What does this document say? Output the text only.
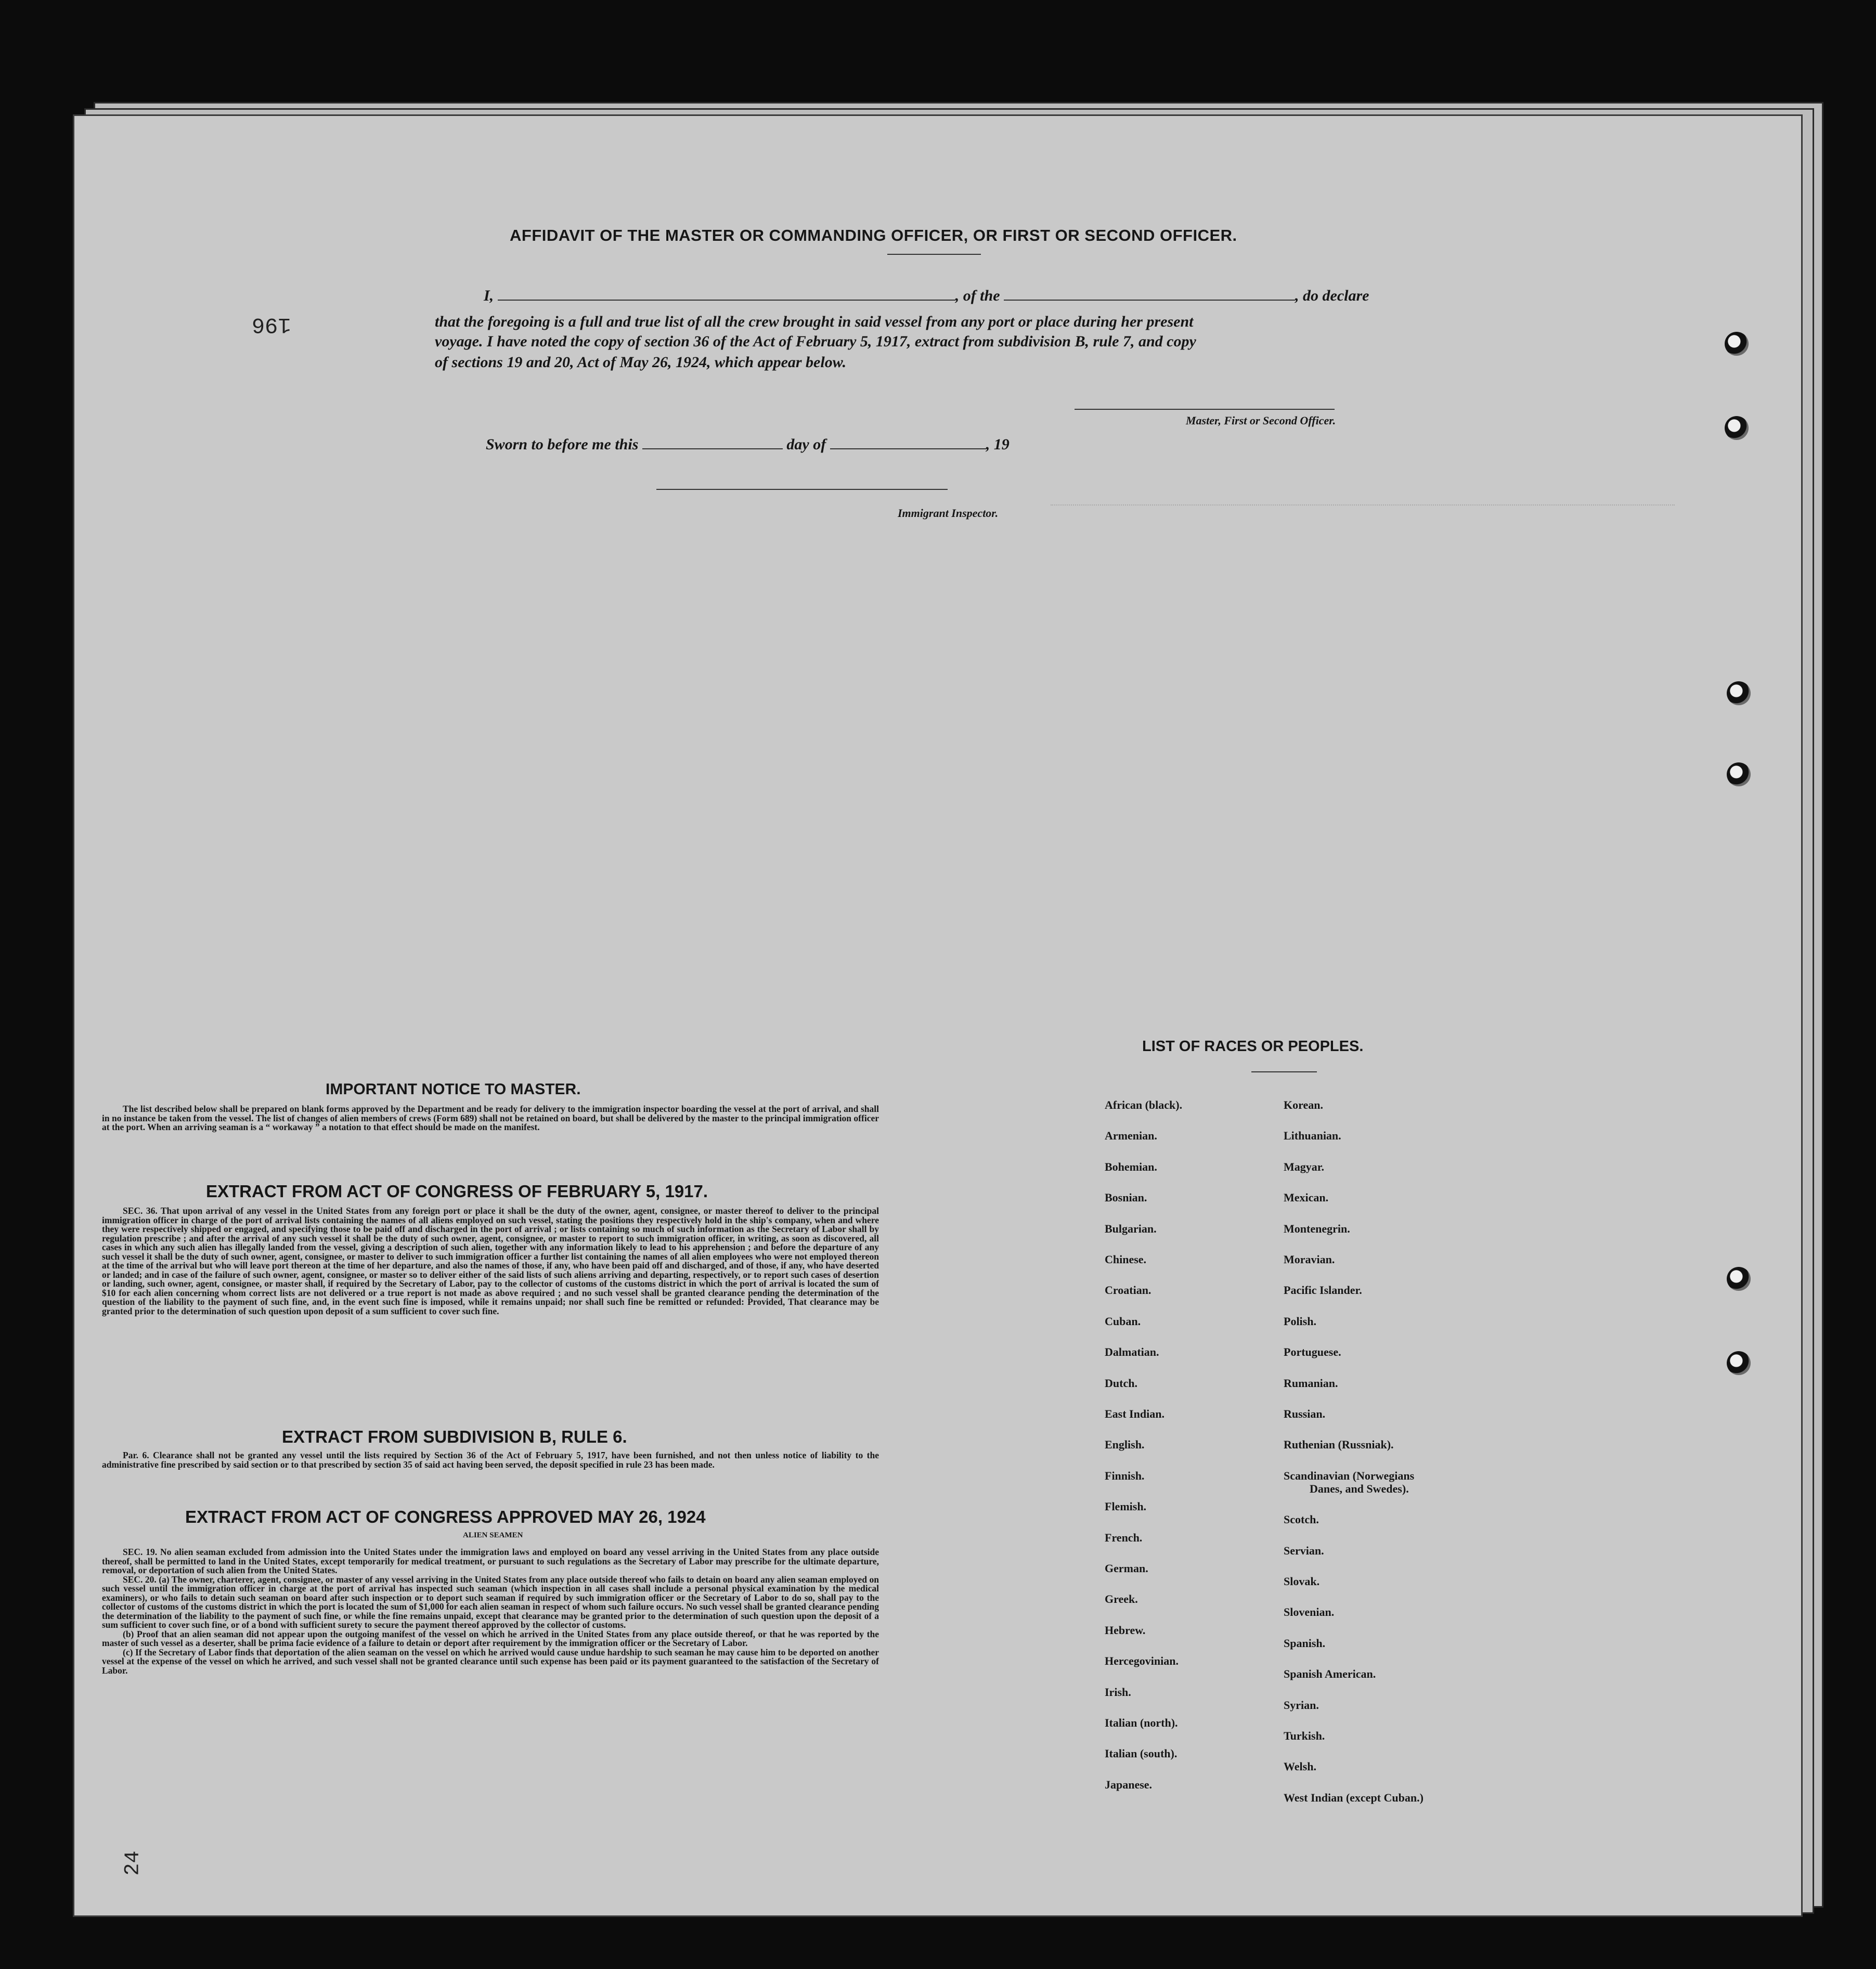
196
24
AFFIDAVIT OF THE MASTER OR COMMANDING OFFICER, OR FIRST OR SECOND OFFICER.
I,	, of the	, do declare
that the foregoing is a full and true list of all the crew brought in said vessel from any port or place during her present
voyage. I have noted the copy of section 36 of the Act of February 5, 1917, extract from subdivision B, rule 7, and copy
of sections 19 and 20, Act of May 26, 1924, which appear below.
Master, First or Second Officer.
Sworn to before me this	day of	, 19
Immigrant Inspector.
IMPORTANT NOTICE TO MASTER.

The list described below shall be prepared on blank forms approved by the Department and be ready for delivery to the immigration inspector boarding the vessel at the port of arrival, and shall in no instance be taken from the vessel. The list of changes of alien members of crews (Form 689) shall not be retained on board, but shall be delivered by the master to the principal immigration officer at the port. When an arriving seaman is a “ workaway ” a notation to that effect should be made on the manifest.

EXTRACT FROM ACT OF CONGRESS OF FEBRUARY 5, 1917.

SEC. 36. That upon arrival of any vessel in the United States from any foreign port or place it shall be the duty of the owner, agent, consignee, or master thereof to deliver to the principal immigration officer in charge of the port of arrival lists containing the names of all aliens employed on such vessel, stating the positions they respectively hold in the ship's company, when and where they were respectively shipped or engaged, and specifying those to be paid off and discharged in the port of arrival ; or lists containing so much of such information as the Secretary of Labor shall by regulation prescribe ; and after the arrival of any such vessel it shall be the duty of such owner, agent, consignee, or master to report to such immigration officer, in writing, as soon as discovered, all cases in which any such alien has illegally landed from the vessel, giving a description of such alien, together with any information likely to lead to his apprehension ; and before the departure of any such vessel it shall be the duty of such owner, agent, consignee, or master to deliver to such immigration officer a further list containing the names of all alien employees who were not employed thereon at the time of the arrival but who will leave port thereon at the time of her departure, and also the names of those, if any, who have been paid off and discharged, and of those, if any, who have deserted or landed; and in case of the failure of such owner, agent, consignee, or master so to deliver either of the said lists of such aliens arriving and departing, respectively, or to report such cases of desertion or landing, such owner, agent, consignee, or master shall, if required by the Secretary of Labor, pay to the collector of customs of the customs district in which the port of arrival is located the sum of $10 for each alien concerning whom correct lists are not delivered or a true report is not made as above required ; and no such vessel shall be granted clearance pending the determination of the question of the liability to the payment of such fine, and, in the event such fine is imposed, while it remains unpaid; nor shall such fine be remitted or refunded: Provided, That clearance may be granted prior to the determination of such question upon deposit of a sum sufficient to cover such fine.

EXTRACT FROM SUBDIVISION B, RULE 6.

Par. 6. Clearance shall not be granted any vessel until the lists required by Section 36 of the Act of February 5, 1917, have been furnished, and not then unless notice of liability to the administrative fine prescribed by said section or to that prescribed by section 35 of said act having been served, the deposit specified in rule 23 has been made.

EXTRACT FROM ACT OF CONGRESS APPROVED MAY 26, 1924
ALIEN SEAMEN

SEC. 19. No alien seaman excluded from admission into the United States under the immigration laws and employed on board any vessel arriving in the United States from any place outside thereof, shall be permitted to land in the United States, except temporarily for medical treatment, or pursuant to such regulations as the Secretary of Labor may prescribe for the ultimate departure, removal, or deportation of such alien from the United States.

SEC. 20. (a) The owner, charterer, agent, consignee, or master of any vessel arriving in the United States from any place outside thereof who fails to detain on board any alien seaman employed on such vessel until the immigration officer in charge at the port of arrival has inspected such seaman (which inspection in all cases shall include a personal physical examination by the medical examiners), or who fails to detain such seaman on board after such inspection or to deport such seaman if required by such immigration officer or the Secretary of Labor to do so, shall pay to the collector of customs of the customs district in which the port is located the sum of $1,000 for each alien seaman in respect of whom such failure occurs. No such vessel shall be granted clearance pending the determination of the liability to the payment of such fine, or while the fine remains unpaid, except that clearance may be granted prior to the determination of such question upon the deposit of a sum sufficient to cover such fine, or of a bond with sufficient surety to secure the payment thereof approved by the collector of customs.

(b) Proof that an alien seaman did not appear upon the outgoing manifest of the vessel on which he arrived in the United States from any place outside thereof, or that he was reported by the master of such vessel as a deserter, shall be prima facie evidence of a failure to detain or deport after requirement by the immigration officer or the Secretary of Labor.

(c) If the Secretary of Labor finds that deportation of the alien seaman on the vessel on which he arrived would cause undue hardship to such seaman he may cause him to be deported on another vessel at the expense of the vessel on which he arrived, and such vessel shall not be granted clearance until such expense has been paid or its payment guaranteed to the satisfaction of the Secretary of Labor.

LIST OF RACES OR PEOPLES.
African (black).
Armenian.
Bohemian.
Bosnian.
Bulgarian.
Chinese.
Croatian.
Cuban.
Dalmatian.
Dutch.
East Indian.
English.
Finnish.
Flemish.
French.
German.
Greek.
Hebrew.
Hercegovinian.
Irish.
Italian (north).
Italian (south).
Japanese.
Korean.
Lithuanian.
Magyar.
Mexican.
Montenegrin.
Moravian.
Pacific Islander.
Polish.
Portuguese.
Rumanian.
Russian.
Ruthenian (Russniak).
Scandinavian (Norwegians
Danes, and Swedes).
Scotch.
Servian.
Slovak.
Slovenian.
Spanish.
Spanish American.
Syrian.
Turkish.
Welsh.
West Indian (except Cuban.)
